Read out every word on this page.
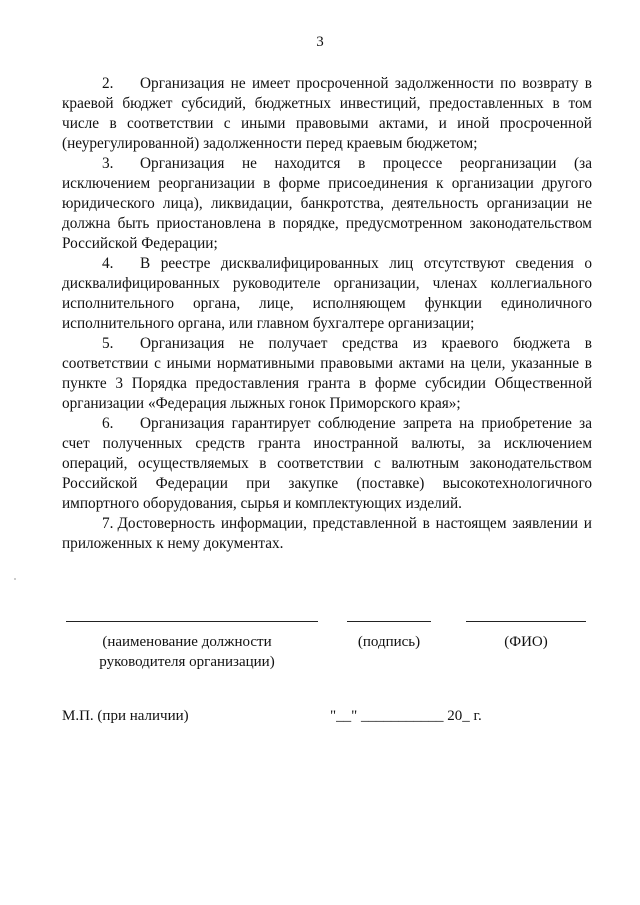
3

2. Организация не имеет просроченной задолженности по возврату в краевой бюджет субсидий, бюджетных инвестиций, предоставленных в том числе в соответствии с иными правовыми актами, и иной просроченной (неурегулированной) задолженности перед краевым бюджетом;

3. Организация не находится в процессе реорганизации (за исключением реорганизации в форме присоединения к организации другого юридического лица), ликвидации, банкротства, деятельность организации не должна быть приостановлена в порядке, предусмотренном законодательством Российской Федерации;

4. В реестре дисквалифицированных лиц отсутствуют сведения о дисквалифицированных руководителе организации, членах коллегиального исполнительного органа, лице, исполняющем функции единоличного исполнительного органа, или главном бухгалтере организации;

5. Организация не получает средства из краевого бюджета в соответствии с иными нормативными правовыми актами на цели, указанные в пункте 3 Порядка предоставления гранта в форме субсидии Общественной организации «Федерация лыжных гонок Приморского края»;

6. Организация гарантирует соблюдение запрета на приобретение за счет полученных средств гранта иностранной валюты, за исключением операций, осуществляемых в соответствии с валютным законодательством Российской Федерации при закупке (поставке) высокотехнологичного импортного оборудования, сырья и комплектующих изделий.

7. Достоверность информации, представленной в настоящем заявлении и приложенных к нему документах.

(наименование должности руководителя организации)
(подпись)	(ФИО)
М.П. (при наличии)	"__" ___________ 20_ г.
